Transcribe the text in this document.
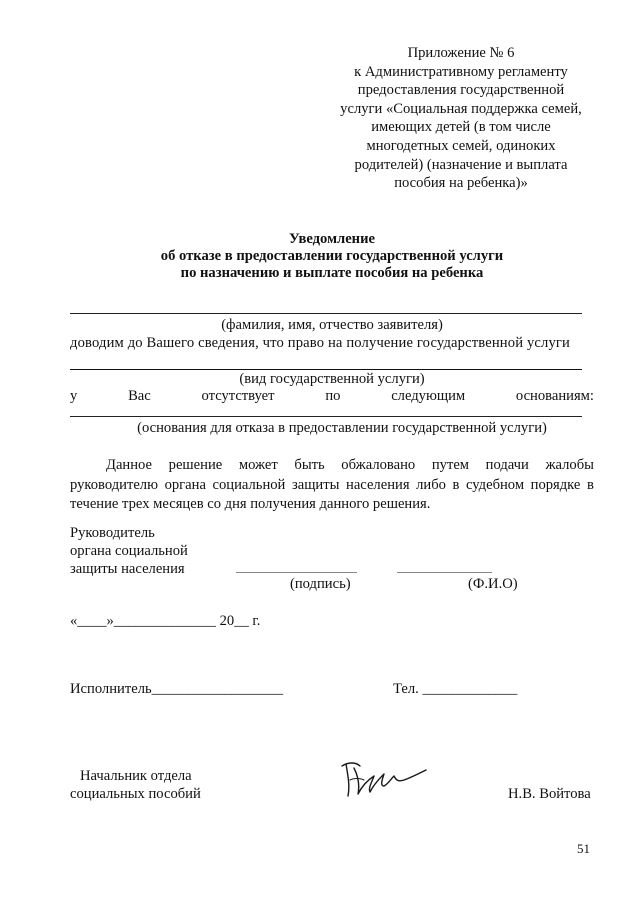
Приложение № 6
к Административному регламенту
предоставления государственной
услуги «Социальная поддержка семей,
имеющих детей (в том числе
многодетных семей, одиноких
родителей) (назначение и выплата
пособия на ребенка)»
Уведомление
об отказе в предоставлении государственной услуги
по назначению и выплате пособия на ребенка
(фамилия, имя, отчество заявителя)
доводим до Вашего сведения, что право на получение государственной услуги
(вид государственной услуги)
у	Вас	отсутствует	по	следующим	основаниям:
(основания для отказа в предоставлении государственной услуги)
Данное решение может быть обжаловано путем подачи жалобы
руководителю органа социальной защиты населения либо в судебном порядке в
течение трех месяцев со дня получения данного решения.
Руководитель
органа социальной
защиты населения
(подпись)	(Ф.И.О)
«____»______________ 20__ г.
Исполнитель__________________	Тел. _____________
Начальник отдела
социальных пособий	Н.В. Войтова
51
